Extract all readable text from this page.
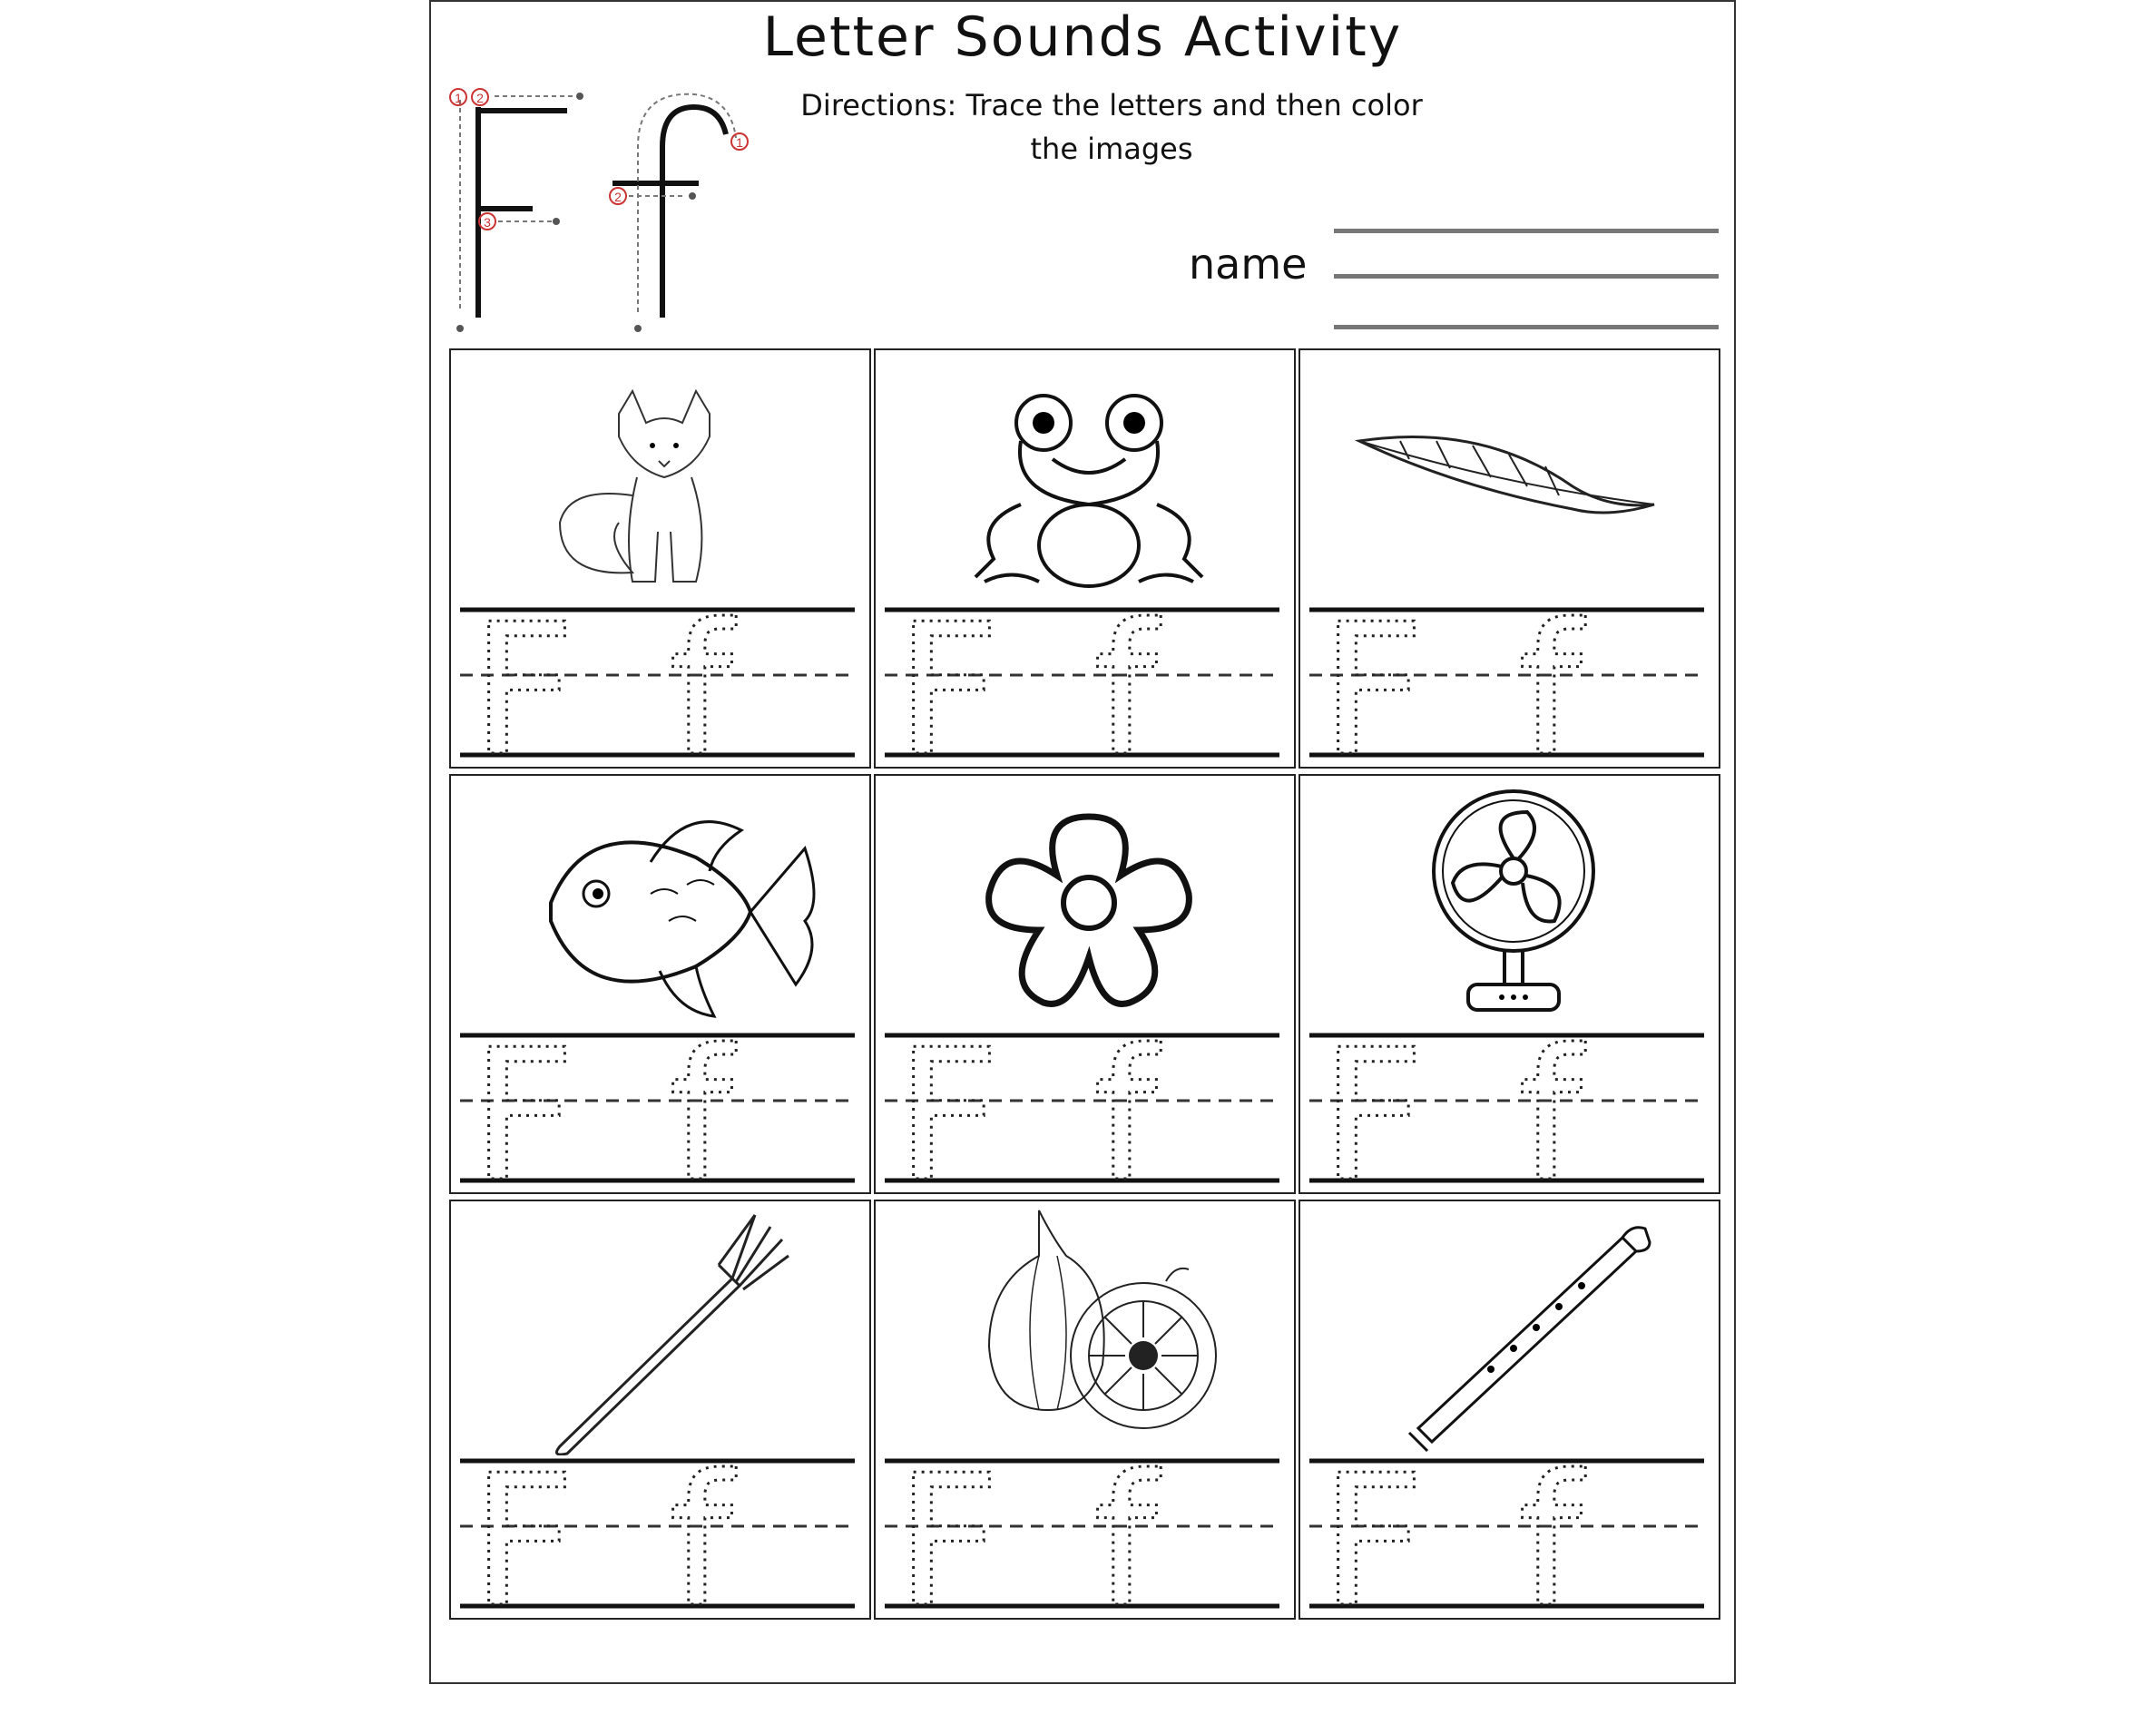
Letter Sounds Activity
Directions: Trace the letters and then color the images
1 2
3
1
2
name
F f F f F f
F f F f F f
F f F f F f
